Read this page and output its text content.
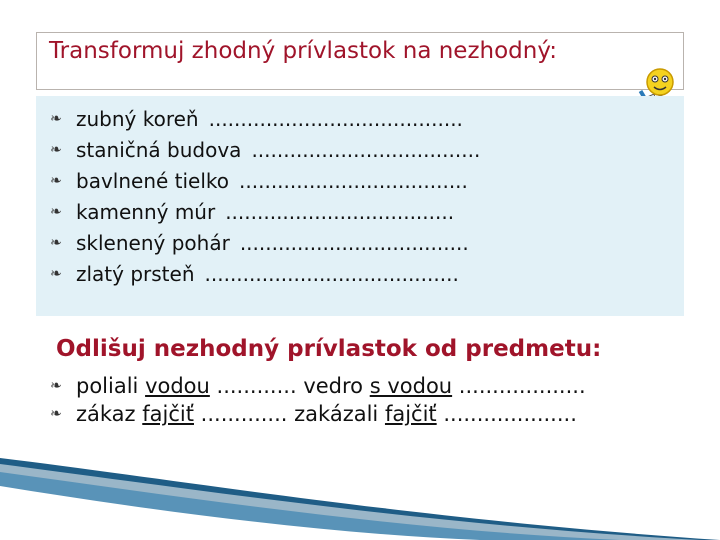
Transformuj zhodný prívlastok na nezhodný:
❧ zubný koreň ........................................
❧ staničná budova ....................................
❧ bavlnené tielko ....................................
❧ kamenný múr ....................................
❧ sklenený pohár ....................................
❧ zlatý prsteň ........................................
Odlišuj nezhodný prívlastok od predmetu:
❧ poliali vodou ............ vedro s vodou ...................
❧ zákaz fajčiť ............. zakázali fajčiť ....................
